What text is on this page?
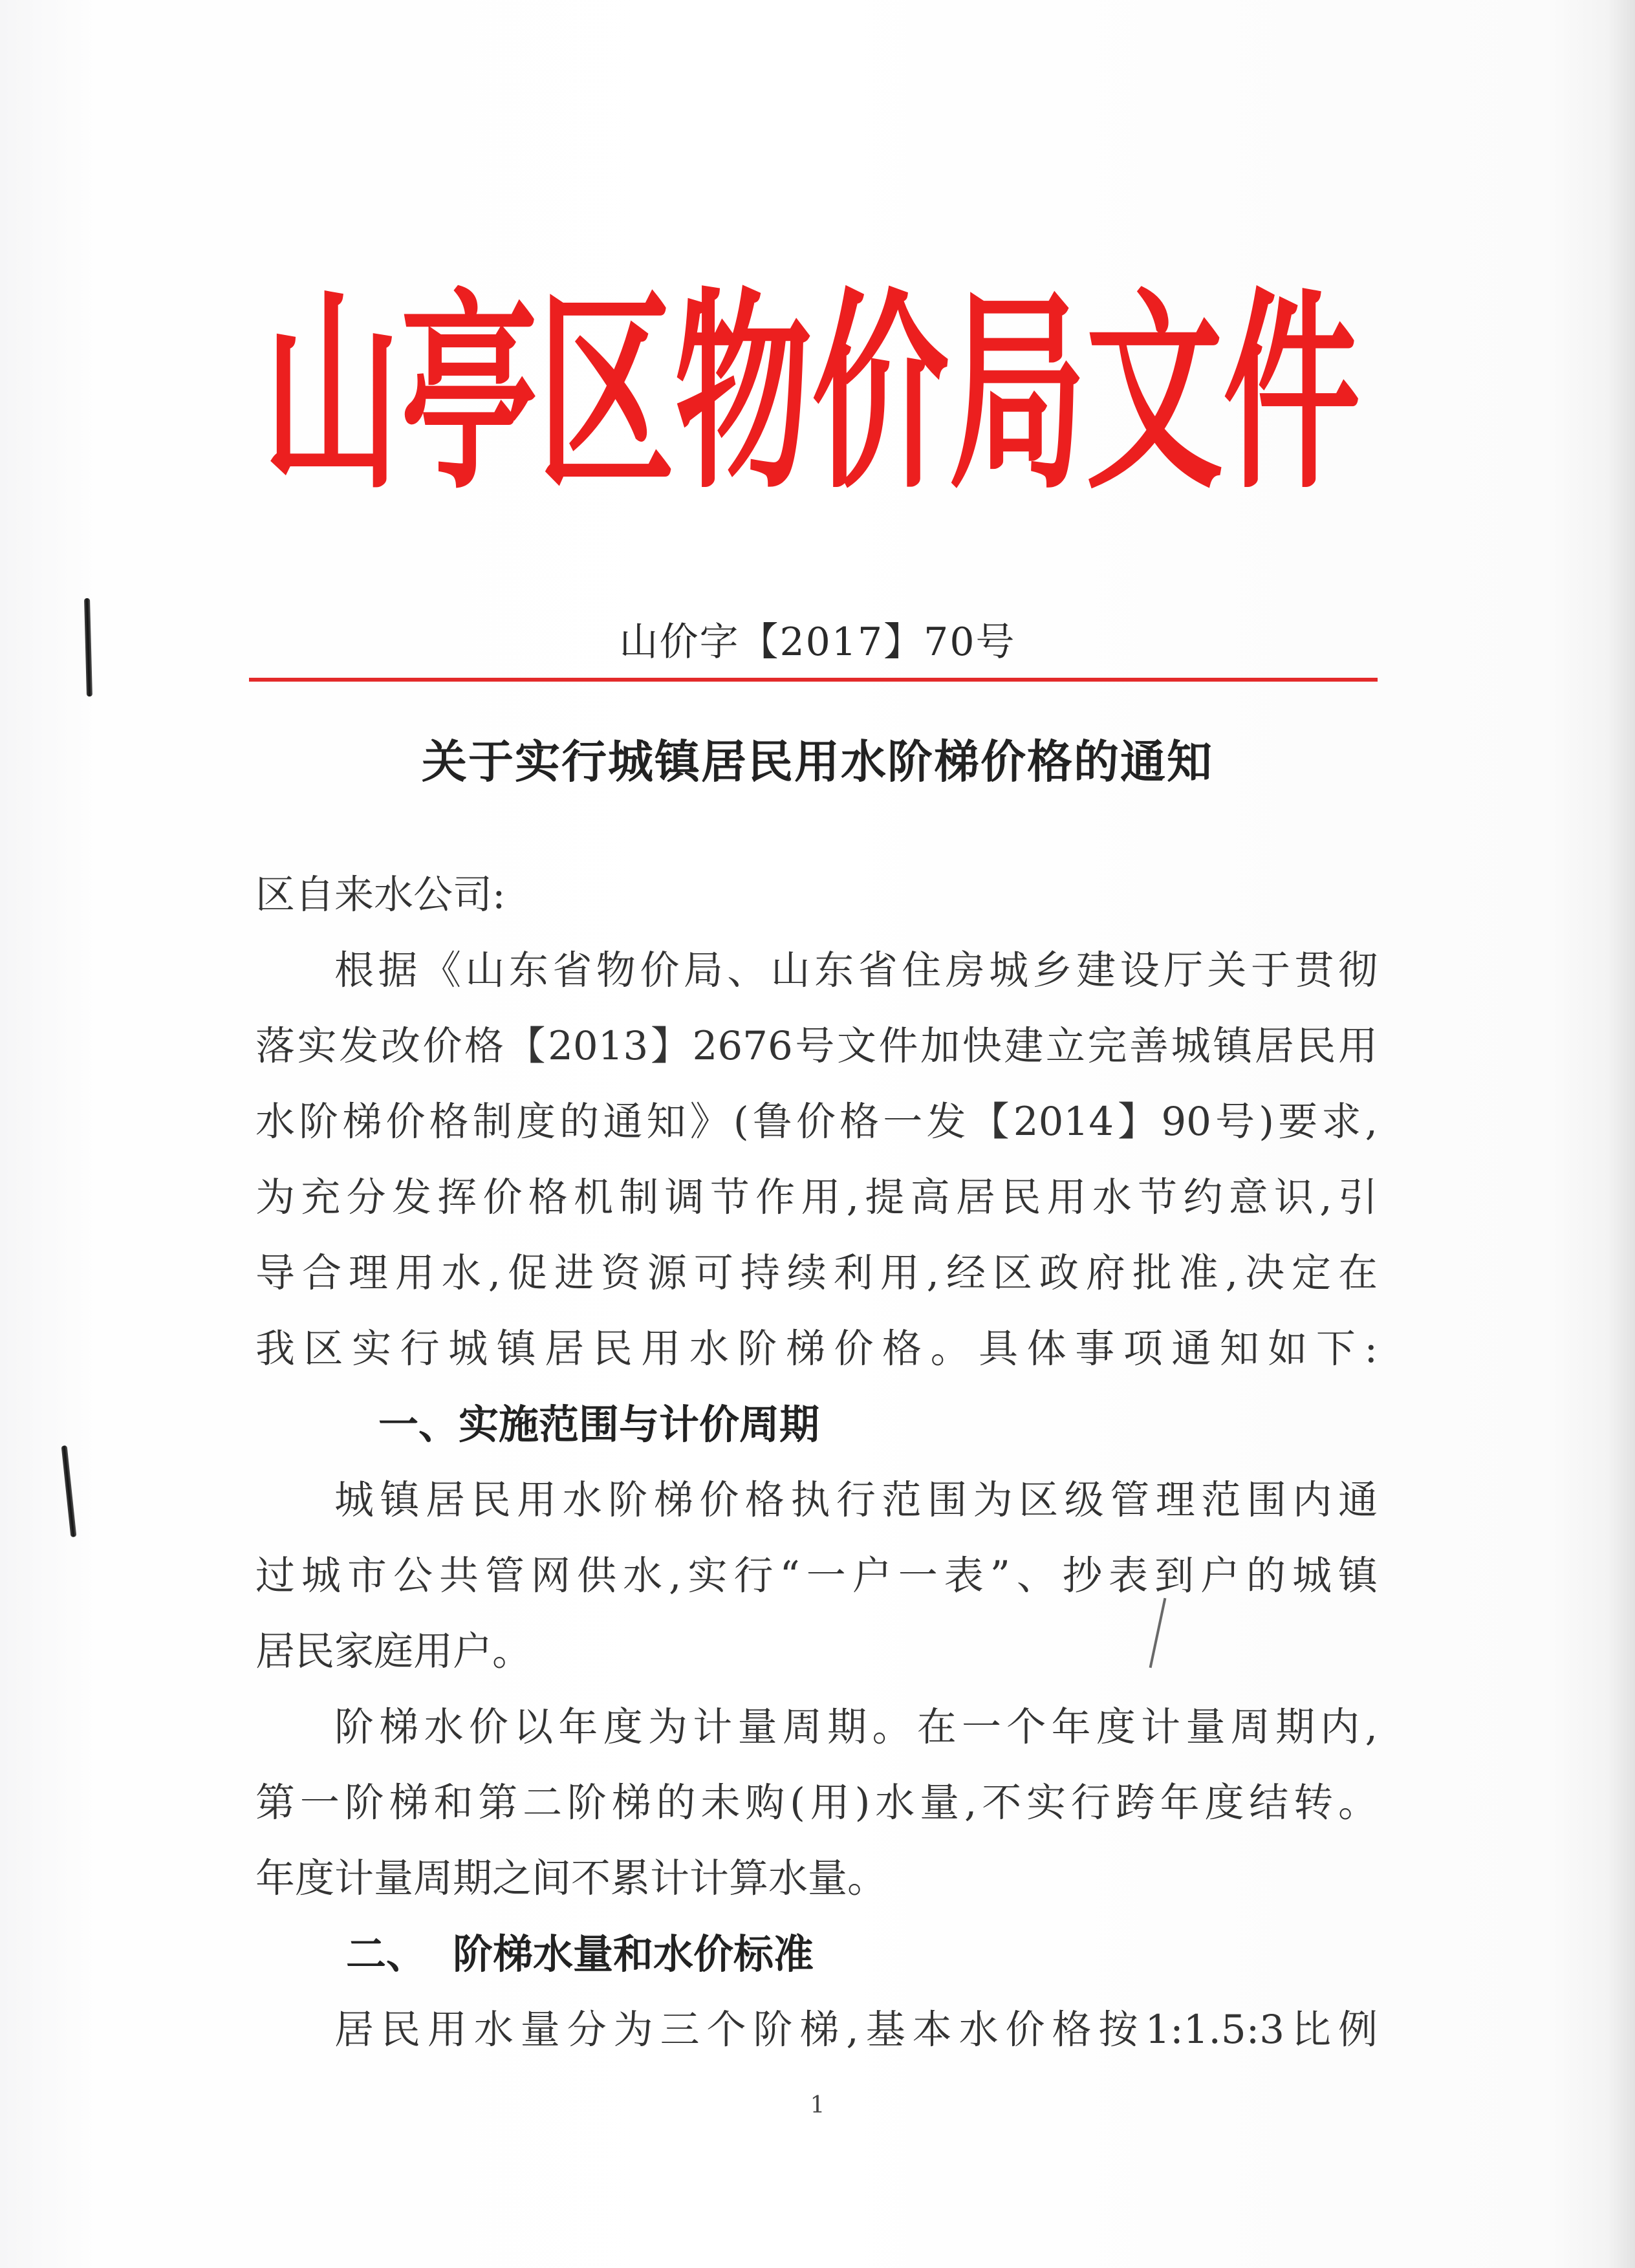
山亭区物价局文件
山价字【2017】70号
关于实行城镇居民用水阶梯价格的通知
区自来水公司:
根据《山东省物价局、山东省住房城乡建设厅关于贯彻
落实发改价格【2013】2676号文件加快建立完善城镇居民用
水阶梯价格制度的通知》(鲁价格一发【2014】90号)要求,
为充分发挥价格机制调节作用,提高居民用水节约意识,引
导合理用水,促进资源可持续利用,经区政府批准,决定在
我区实行城镇居民用水阶梯价格。具体事项通知如下:
一、实施范围与计价周期
城镇居民用水阶梯价格执行范围为区级管理范围内通
过城市公共管网供水,实行“一户一表”、抄表到户的城镇
居民家庭用户。
阶梯水价以年度为计量周期。在一个年度计量周期内,
第一阶梯和第二阶梯的未购(用)水量,不实行跨年度结转。
年度计量周期之间不累计计算水量。
二、 阶梯水量和水价标准
居民用水量分为三个阶梯,基本水价格按1:1.5:3比例
1
